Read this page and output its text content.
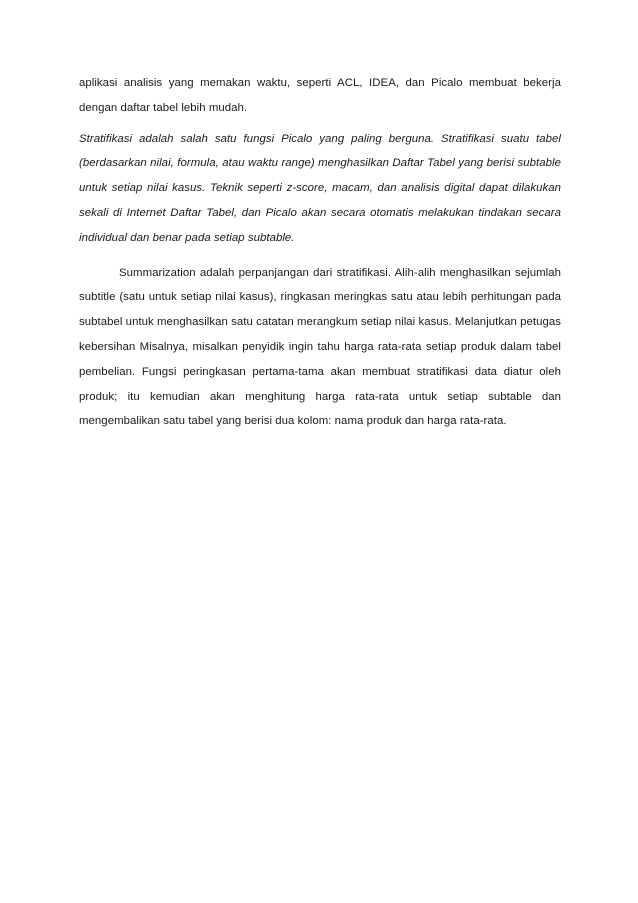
aplikasi analisis yang memakan waktu, seperti ACL, IDEA, dan Picalo membuat bekerja dengan daftar tabel lebih mudah.

Stratifikasi adalah salah satu fungsi Picalo yang paling berguna. Stratifikasi suatu tabel (berdasarkan nilai, formula, atau waktu range) menghasilkan Daftar Tabel yang berisi subtable untuk setiap nilai kasus. Teknik seperti z-score, macam, dan analisis digital dapat dilakukan sekali di Internet Daftar Tabel, dan Picalo akan secara otomatis melakukan tindakan secara individual dan benar pada setiap subtable.

Summarization adalah perpanjangan dari stratifikasi. Alih-alih menghasilkan sejumlah subtitle (satu untuk setiap nilai kasus), ringkasan meringkas satu atau lebih perhitungan pada subtabel untuk menghasilkan satu catatan merangkum setiap nilai kasus. Melanjutkan petugas kebersihan Misalnya, misalkan penyidik ingin tahu harga rata-rata setiap produk dalam tabel pembelian. Fungsi peringkasan pertama-tama akan membuat stratifikasi data diatur oleh produk; itu kemudian akan menghitung harga rata-rata untuk setiap subtable dan mengembalikan satu tabel yang berisi dua kolom: nama produk dan harga rata-rata.
